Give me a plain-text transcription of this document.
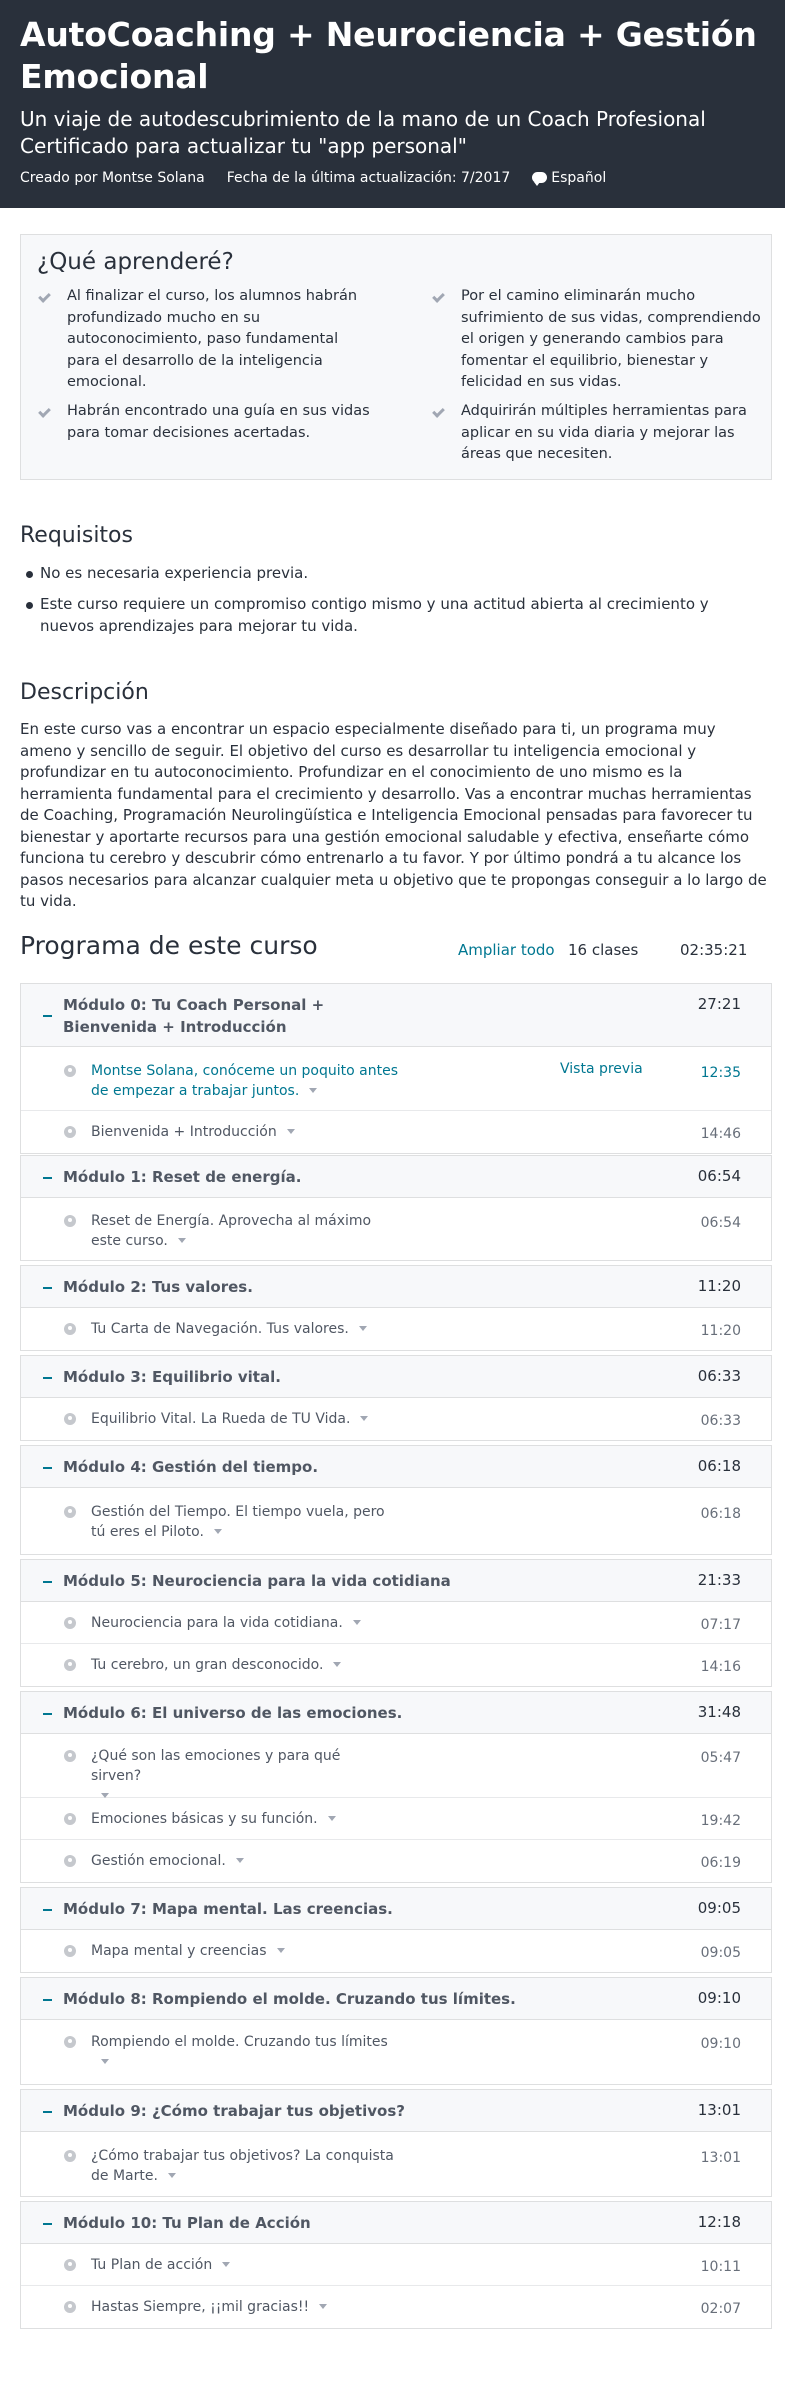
AutoCoaching + Neurociencia + Gestión Emocional
Un viaje de autodescubrimiento de la mano de un Coach Profesional Certificado para actualizar tu "app personal"
Creado por Montse Solana Fecha de la última actualización: 7/2017	Español
¿Qué aprenderé?
Al finalizar el curso, los alumnos habrán profundizado mucho en su autoconocimiento, paso fundamental para el desarrollo de la inteligencia emocional.
Por el camino eliminarán mucho sufrimiento de sus vidas, comprendiendo el origen y generando cambios para fomentar el equilibrio, bienestar y felicidad en sus vidas.
Habrán encontrado una guía en sus vidas para tomar decisiones acertadas.
Adquirirán múltiples herramientas para aplicar en su vida diaria y mejorar las áreas que necesiten.
Requisitos
No es necesaria experiencia previa.
Este curso requiere un compromiso contigo mismo y una actitud abierta al crecimiento y nuevos aprendizajes para mejorar tu vida.
Descripción
En este curso vas a encontrar un espacio especialmente diseñado para ti, un programa muy ameno y sencillo de seguir. El objetivo del curso es desarrollar tu inteligencia emocional y profundizar en tu autoconocimiento. Profundizar en el conocimiento de uno mismo es la herramienta fundamental para el crecimiento y desarrollo. Vas a encontrar muchas herramientas de Coaching, Programación Neurolingüística e Inteligencia Emocional pensadas para favorecer tu bienestar y aportarte recursos para una gestión emocional saludable y efectiva, enseñarte cómo funciona tu cerebro y descubrir cómo entrenarlo a tu favor. Y por último pondrá a tu alcance los pasos necesarios para alcanzar cualquier meta u objetivo que te propongas conseguir a lo largo de tu vida.
Programa de este curso	Ampliar todo 16 clases	02:35:21
Módulo 0: Tu Coach Personal + Bienvenida + Introducción
27:21
Montse Solana, conóceme un poquito antes de empezar a trabajar juntos.
12:35
Vista previa
Bienvenida + Introducción	14:46
Módulo 1: Reset de energía.	06:54
Reset de Energía. Aprovecha al máximo este curso.
06:54
Módulo 2: Tus valores.	11:20
Tu Carta de Navegación. Tus valores.	11:20
Módulo 3: Equilibrio vital.	06:33
Equilibrio Vital. La Rueda de TU Vida.	06:33
Módulo 4: Gestión del tiempo.	06:18
Gestión del Tiempo. El tiempo vuela, pero tú eres el Piloto.
06:18
Módulo 5: Neurociencia para la vida cotidiana	21:33
Neurociencia para la vida cotidiana.	07:17
Tu cerebro, un gran desconocido.	14:16
Módulo 6: El universo de las emociones.	31:48
¿Qué son las emociones y para qué sirven?

05:47
Emociones básicas y su función.	19:42
Gestión emocional.	06:19
Módulo 7: Mapa mental. Las creencias.	09:05
Mapa mental y creencias	09:05
Módulo 8: Rompiendo el molde. Cruzando tus límites.	09:10
Rompiendo el molde. Cruzando tus límites	09:10
Módulo 9: ¿Cómo trabajar tus objetivos?	13:01
¿Cómo trabajar tus objetivos? La conquista de Marte.
13:01
Módulo 10: Tu Plan de Acción	12:18
Tu Plan de acción	10:11
Hastas Siempre, ¡¡mil gracias!!	02:07
